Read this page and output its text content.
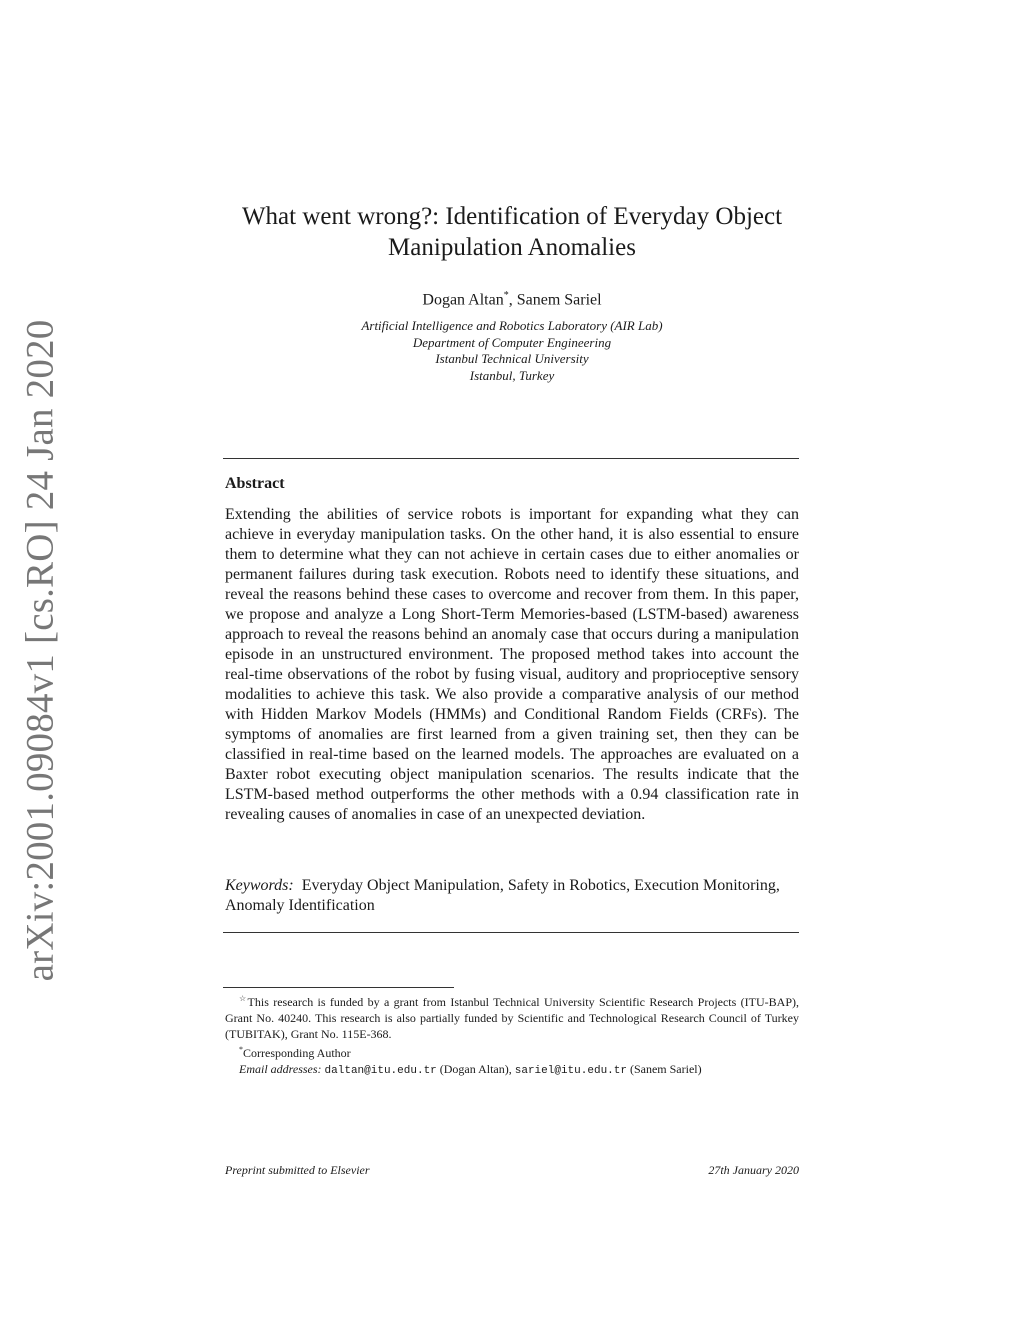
arXiv:2001.09084v1 [cs.RO] 24 Jan 2020
What went wrong?: Identification of Everyday Object
Manipulation Anomalies
Dogan Altan*, Sanem Sariel
Artificial Intelligence and Robotics Laboratory (AIR Lab)
Department of Computer Engineering
Istanbul Technical University
Istanbul, Turkey
Abstract
Extending the abilities of service robots is important for expanding what they can achieve in everyday manipulation tasks. On the other hand, it is also essential to ensure them to determine what they can not achieve in certain cases due to either anomalies or permanent failures during task execution. Robots need to identify these situations, and reveal the reasons behind these cases to overcome and recover from them. In this paper, we propose and analyze a Long Short-Term Memories-based (LSTM-based) awareness approach to reveal the reasons behind an anomaly case that occurs during a manipulation episode in an unstructured environment. The proposed method takes into account the real-time observations of the robot by fusing visual, auditory and proprioceptive sensory modalities to achieve this task. We also provide a comparative analysis of our method with Hidden Markov Models (HMMs) and Conditional Random Fields (CRFs). The symptoms of anomalies are first learned from a given training set, then they can be classified in real-time based on the learned models. The approaches are evaluated on a Baxter robot executing object manipulation scenarios. The results indicate that the LSTM-based method outperforms the other methods with a 0.94 classification rate in revealing causes of anomalies in case of an unexpected deviation.
Keywords: Everyday Object Manipulation, Safety in Robotics, Execution Monitoring, Anomaly Identification

☆This research is funded by a grant from Istanbul Technical University Scientific Research Projects (ITU-BAP), Grant No. 40240. This research is also partially funded by Scientific and Technological Research Council of Turkey (TUBITAK), Grant No. 115E-368.

*Corresponding Author

Email addresses: daltan@itu.edu.tr (Dogan Altan), sariel@itu.edu.tr (Sanem Sariel)

Preprint submitted to Elsevier	27th January 2020
